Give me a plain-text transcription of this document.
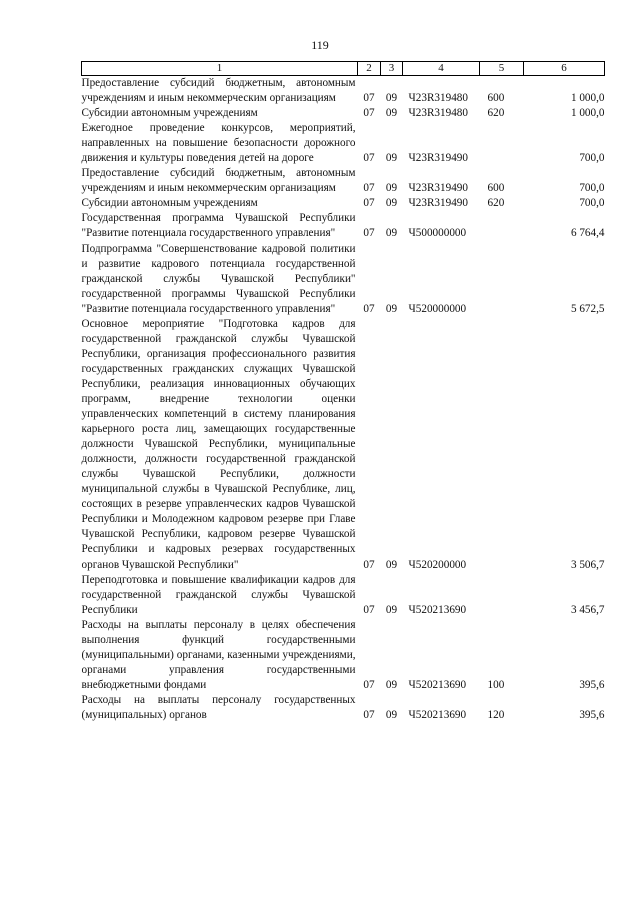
119
1	2	3	4	5	6
Предоставление субсидий бюджетным, автономным учреждениям и иным некоммерческим организациям	07	09	Ч23R319480	600	1 000,0
Субсидии автономным учреждениям	07	09	Ч23R319480	620	1 000,0
Ежегодное проведение конкурсов, мероприятий, направленных на повышение безопасности дорожного движения и культуры поведения детей на дороге	07	09	Ч23R319490		700,0
Предоставление субсидий бюджетным, автономным учреждениям и иным некоммерческим организациям	07	09	Ч23R319490	600	700,0
Субсидии автономным учреждениям	07	09	Ч23R319490	620	700,0
Государственная программа Чувашской Республики "Развитие потенциала государственного управления"	07	09	Ч500000000		6 764,4
Подпрограмма "Совершенствование кадровой политики и развитие кадрового потенциала государственной гражданской службы Чувашской Республики" государственной программы Чувашской Республики "Развитие потенциала государственного управления"	07	09	Ч520000000		5 672,5
Основное мероприятие "Подготовка кадров для государственной гражданской службы Чувашской Республики, организация профессионального развития государственных гражданских служащих Чувашской Республики, реализация инновационных обучающих программ, внедрение технологии оценки управленческих компетенций в систему планирования карьерного роста лиц, замещающих государственные должности Чувашской Республики, муниципальные должности, должности государственной гражданской службы Чувашской Республики, должности муниципальной службы в Чувашской Республике, лиц, состоящих в резерве управленческих кадров Чувашской Республики и Молодежном кадровом резерве при Главе Чувашской Республики, кадровом резерве Чувашской Республики и кадровых резервах государственных органов Чувашской Республики"	07	09	Ч520200000		3 506,7
Переподготовка и повышение квалификации кадров для государственной гражданской службы Чувашской Республики	07	09	Ч520213690		3 456,7
Расходы на выплаты персоналу в целях обеспечения выполнения функций государственными (муниципальными) органами, казенными учреждениями, органами управления государственными внебюджетными фондами	07	09	Ч520213690	100	395,6
Расходы на выплаты персоналу государственных (муниципальных) органов	07	09	Ч520213690	120	395,6
